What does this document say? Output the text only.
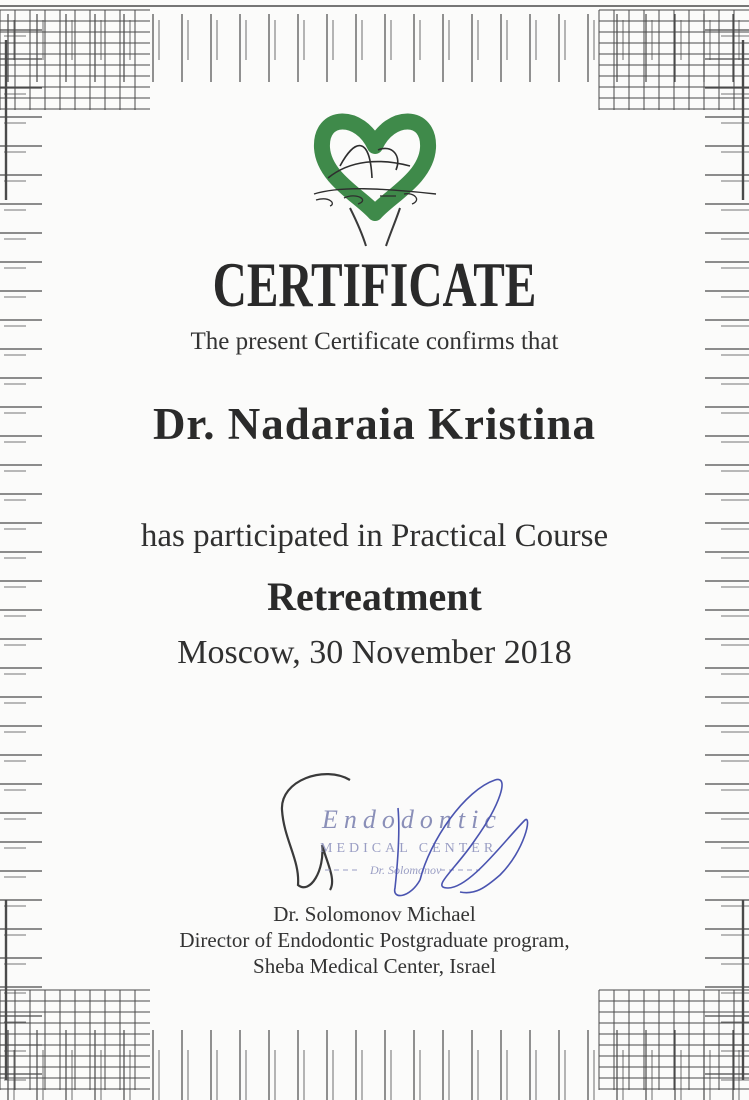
CERTIFICATE
The present Certificate confirms that
Dr. Nadaraia Kristina
has participated in Practical Course
Retreatment
Moscow, 30 November 2018
Endodontic
MEDICAL CENTER
Dr. Solomonov
Dr. Solomonov Michael
Director of Endodontic Postgraduate program,
Sheba Medical Center, Israel
